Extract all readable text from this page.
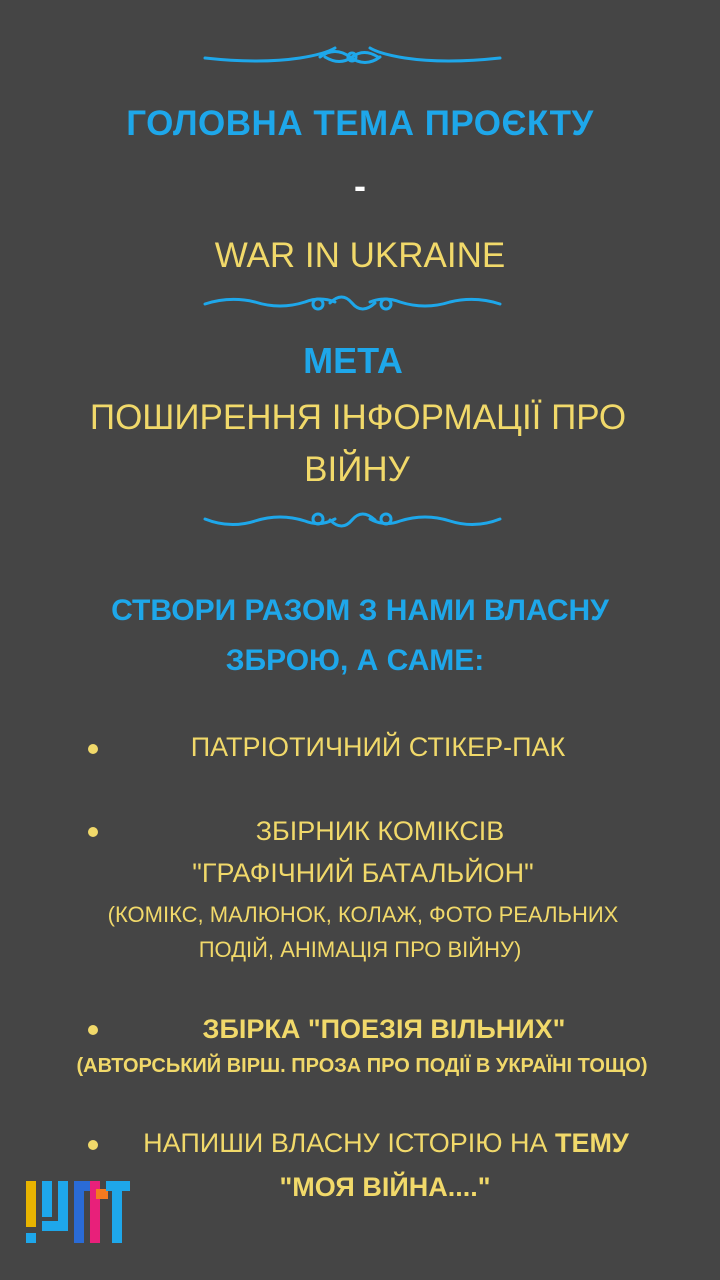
ГОЛОВНА ТЕМА ПРОЄКТУ
-
WAR IN UKRAINE
МЕТА
ПОШИРЕННЯ ІНФОРМАЦІЇ ПРО
ВІЙНУ
СТВОРИ РАЗОМ З НАМИ ВЛАСНУ
ЗБРОЮ, А САМЕ:
ПАТРІОТИЧНИЙ СТІКЕР-ПАК
ЗБІРНИК КОМІКСІВ
"ГРАФІЧНИЙ БАТАЛЬЙОН"
(КОМІКС, МАЛЮНОК, КОЛАЖ, ФОТО РЕАЛЬНИХ
ПОДІЙ, АНІМАЦІЯ ПРО ВІЙНУ)
ЗБІРКА "ПОЕЗІЯ ВІЛЬНИХ"
(АВТОРСЬКИЙ ВІРШ. ПРОЗА ПРО ПОДІЇ В УКРАЇНІ ТОЩО)
НАПИШИ ВЛАСНУ ІСТОРІЮ НА ТЕМУ
"МОЯ ВІЙНА...."
